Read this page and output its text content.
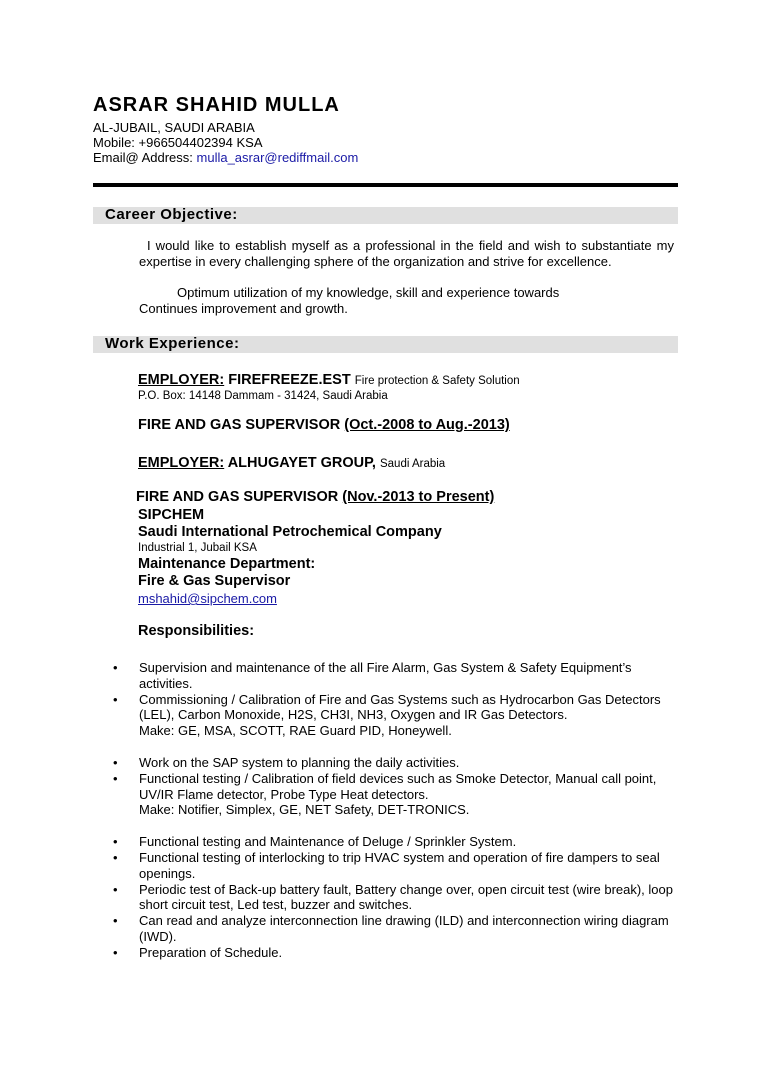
ASRAR SHAHID MULLA
AL-JUBAIL, SAUDI ARABIA
Mobile: +966504402394 KSA
Email@ Address: mulla_asrar@rediffmail.com
Career Objective:
I would like to establish myself as a professional in the field and wish to substantiate my expertise in every challenging sphere of the organization and strive for excellence.
Optimum utilization of my knowledge, skill and experience towards
Continues improvement and growth.
Work Experience:
EMPLOYER: FIREFREEZE.EST Fire protection & Safety Solution
P.O. Box: 14148 Dammam - 31424, Saudi Arabia
FIRE AND GAS SUPERVISOR (Oct.-2008 to Aug.-2013)
EMPLOYER: ALHUGAYET GROUP, Saudi Arabia
FIRE AND GAS SUPERVISOR (Nov.-2013 to Present)
SIPCHEM
Saudi International Petrochemical Company
Industrial 1, Jubail KSA
Maintenance Department:
Fire & Gas Supervisor
mshahid@sipchem.com
Responsibilities:
• Supervision and maintenance of the all Fire Alarm, Gas System & Safety Equipment’s activities.
• Commissioning / Calibration of Fire and Gas Systems such as Hydrocarbon Gas Detectors (LEL), Carbon Monoxide, H2S, CH3I, NH3, Oxygen and IR Gas Detectors.
Make: GE, MSA, SCOTT, RAE Guard PID, Honeywell.
• Work on the SAP system to planning the daily activities.
• Functional testing / Calibration of field devices such as Smoke Detector, Manual call point, UV/IR Flame detector, Probe Type Heat detectors.
Make: Notifier, Simplex, GE, NET Safety, DET-TRONICS.
• Functional testing and Maintenance of Deluge / Sprinkler System.
• Functional testing of interlocking to trip HVAC system and operation of fire dampers to seal openings.
• Periodic test of Back-up battery fault, Battery change over, open circuit test (wire break), loop short circuit test, Led test, buzzer and switches.
• Can read and analyze interconnection line drawing (ILD) and interconnection wiring diagram (IWD).
• Preparation of Schedule.
